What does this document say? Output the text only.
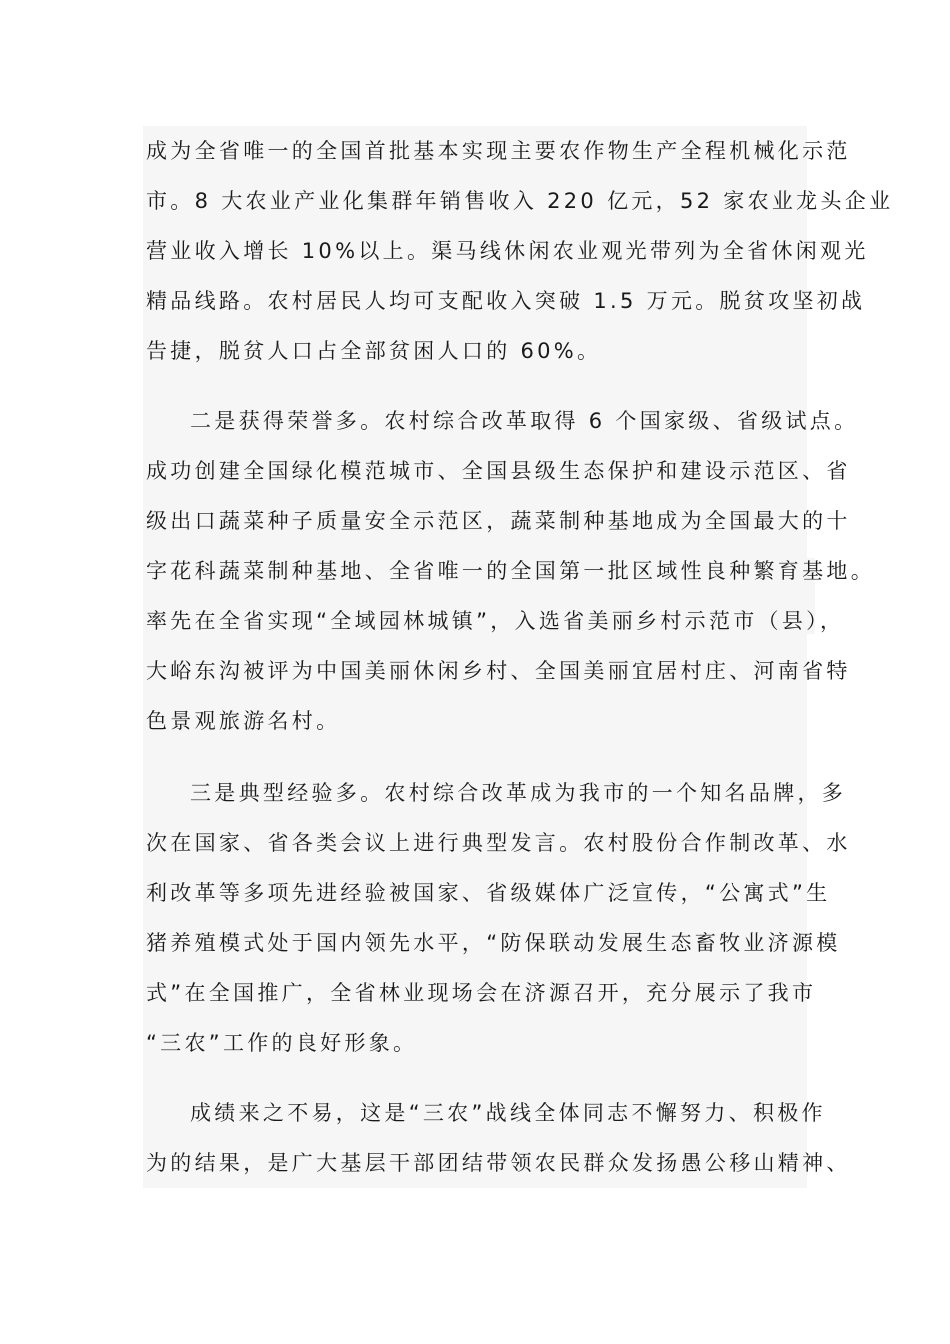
成为全省唯一的全国首批基本实现主要农作物生产全程机械化示范
市。8 大农业产业化集群年销售收入 220 亿元，52 家农业龙头企业
营业收入增长 10%以上。渠马线休闲农业观光带列为全省休闲观光
精品线路。农村居民人均可支配收入突破 1.5 万元。脱贫攻坚初战
告捷，脱贫人口占全部贫困人口的 60%。
二是获得荣誉多。农村综合改革取得 6 个国家级、省级试点。
成功创建全国绿化模范城市、全国县级生态保护和建设示范区、省
级出口蔬菜种子质量安全示范区，蔬菜制种基地成为全国最大的十
字花科蔬菜制种基地、全省唯一的全国第一批区域性良种繁育基地。
率先在全省实现“全域园林城镇”，入选省美丽乡村示范市（县），
大峪东沟被评为中国美丽休闲乡村、全国美丽宜居村庄、河南省特
色景观旅游名村。
三是典型经验多。农村综合改革成为我市的一个知名品牌，多
次在国家、省各类会议上进行典型发言。农村股份合作制改革、水
利改革等多项先进经验被国家、省级媒体广泛宣传，“公寓式”生
猪养殖模式处于国内领先水平，“防保联动发展生态畜牧业济源模
式”在全国推广，全省林业现场会在济源召开，充分展示了我市
“三农”工作的良好形象。
成绩来之不易，这是“三农”战线全体同志不懈努力、积极作
为的结果，是广大基层干部团结带领农民群众发扬愚公移山精神、
